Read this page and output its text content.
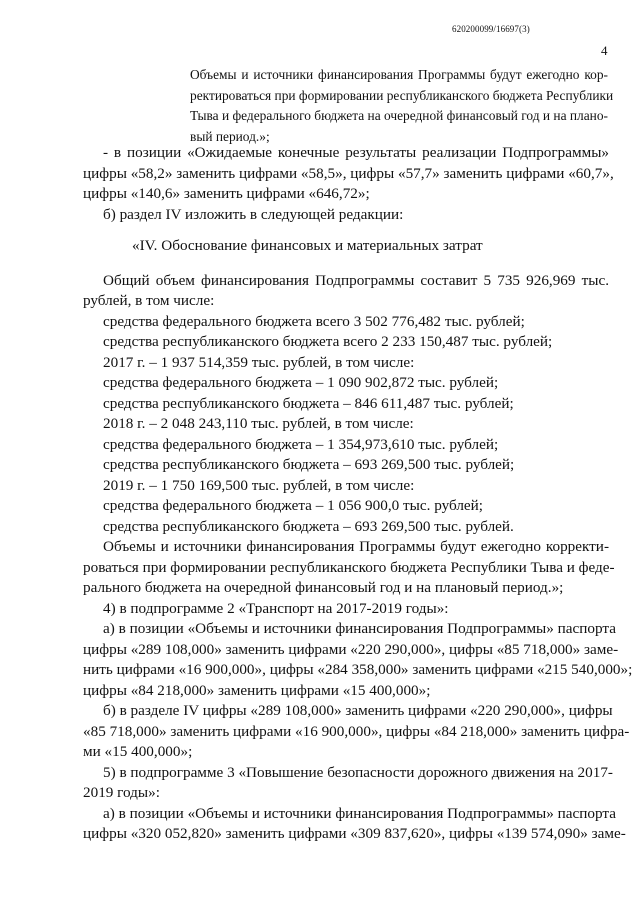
620200099/16697(3)
4
Объемы и источники финансирования Программы будут ежегодно кор-
ректироваться при формировании республиканского бюджета Республики
Тыва и федерального бюджета на очередной финансовый год и на плано-
вый период.»;
- в позиции «Ожидаемые конечные результаты реализации Подпрограммы»
цифры «58,2» заменить цифрами «58,5», цифры «57,7» заменить цифрами «60,7»,
цифры «140,6» заменить цифрами «646,72»;
б) раздел IV изложить в следующей редакции:
«IV. Обоснование финансовых и материальных затрат
Общий объем финансирования Подпрограммы составит 5 735 926,969 тыс.
рублей, в том числе:
средства федерального бюджета всего 3 502 776,482 тыс. рублей;
средства республиканского бюджета всего 2 233 150,487 тыс. рублей;
2017 г. – 1 937 514,359 тыс. рублей, в том числе:
средства федерального бюджета – 1 090 902,872 тыс. рублей;
средства республиканского бюджета – 846 611,487 тыс. рублей;
2018 г. – 2 048 243,110 тыс. рублей, в том числе:
средства федерального бюджета – 1 354,973,610 тыс. рублей;
средства республиканского бюджета – 693 269,500 тыс. рублей;
2019 г. – 1 750 169,500 тыс. рублей, в том числе:
средства федерального бюджета – 1 056 900,0 тыс. рублей;
средства республиканского бюджета – 693 269,500 тыс. рублей.
Объемы и источники финансирования Программы будут ежегодно корректи-
роваться при формировании республиканского бюджета Республики Тыва и феде-
рального бюджета на очередной финансовый год и на плановый период.»;
4) в подпрограмме 2 «Транспорт на 2017-2019 годы»:
а) в позиции «Объемы и источники финансирования Подпрограммы» паспорта
цифры «289 108,000» заменить цифрами «220 290,000», цифры «85 718,000» заме-
нить цифрами «16 900,000», цифры «284 358,000» заменить цифрами «215 540,000»;
цифры «84 218,000» заменить цифрами «15 400,000»;
б) в разделе IV цифры «289 108,000» заменить цифрами «220 290,000», цифры
«85 718,000» заменить цифрами «16 900,000», цифры «84 218,000» заменить цифра-
ми «15 400,000»;
5) в подпрограмме 3 «Повышение безопасности дорожного движения на 2017-
2019 годы»:
а) в позиции «Объемы и источники финансирования Подпрограммы» паспорта
цифры «320 052,820» заменить цифрами «309 837,620», цифры «139 574,090» заме-
